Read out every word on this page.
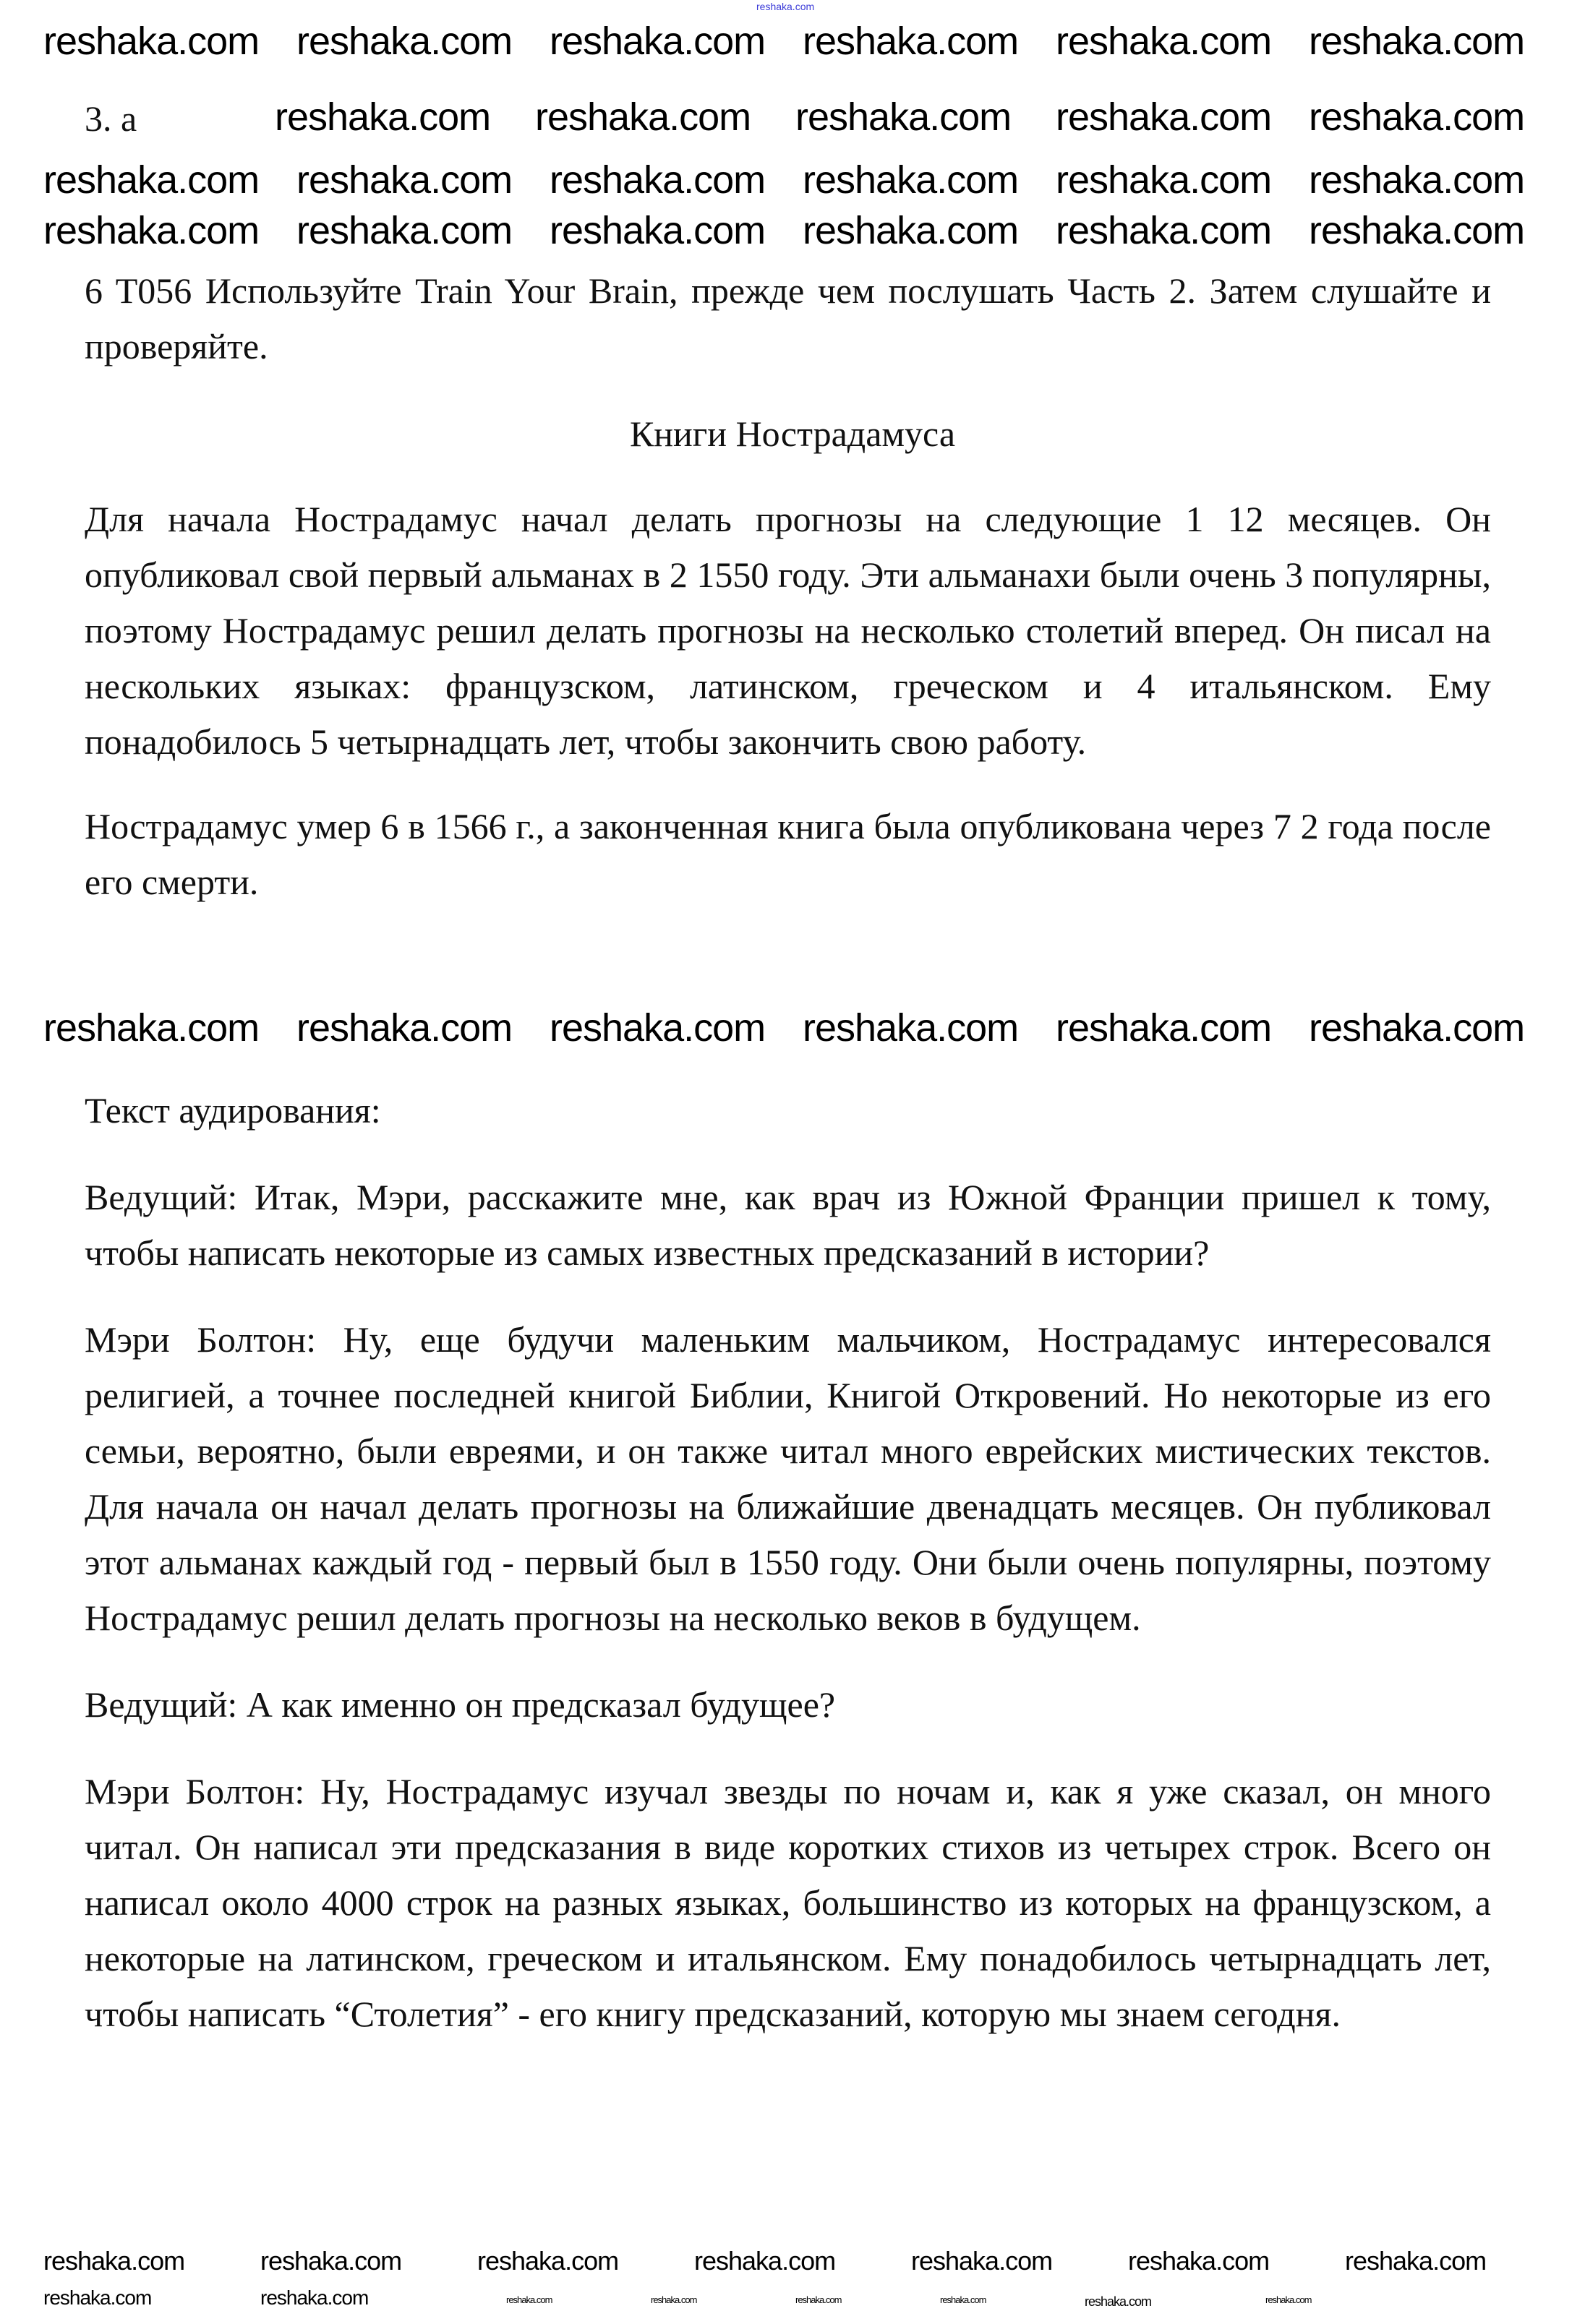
reshaka.com
3. а

6 T056 Используйте Train Your Brain, прежде чем послушать Часть 2. Затем слушайте и проверяйте.

Книги Нострадамуса

Для начала Нострадамус начал делать прогнозы на следующие 1 12 месяцев. Он опубликовал свой первый альманах в 2 1550 году. Эти альманахи были очень 3 популярны, поэтому Нострадамус решил делать прогнозы на несколько столетий вперед. Он писал на нескольких языках: французском, латинском, греческом и 4 итальянском. Ему понадобилось 5 четырнадцать лет, чтобы закончить свою работу.

Нострадамус умер 6 в 1566 г., а законченная книга была опубликована через 7 2 года после его смерти.

Текст аудирования:

Ведущий: Итак, Мэри, расскажите мне, как врач из Южной Франции пришел к тому, чтобы написать некоторые из самых известных предсказаний в истории?

Мэри Болтон: Ну, еще будучи маленьким мальчиком, Нострадамус интересовался религией, а точнее последней книгой Библии, Книгой Откровений. Но некоторые из его семьи, вероятно, были евреями, и он также читал много еврейских мистических текстов. Для начала он начал делать прогнозы на ближайшие двенадцать месяцев. Он публиковал этот альманах каждый год - первый был в 1550 году. Они были очень популярны, поэтому Нострадамус решил делать прогнозы на несколько веков в будущем.

Ведущий: А как именно он предсказал будущее?

Мэри Болтон: Ну, Нострадамус изучал звезды по ночам и, как я уже сказал, он много читал. Он написал эти предсказания в виде коротких стихов из четырех строк. Всего он написал около 4000 строк на разных языках, большинство из которых на французском, а некоторые на латинском, греческом и итальянском. Ему понадобилось четырнадцать лет, чтобы написать “Столетия” - его книгу предсказаний, которую мы знаем сегодня.

reshaka.com reshaka.com reshaka.com reshaka.com reshaka.com reshaka.com
reshaka.com reshaka.com reshaka.com reshaka.com reshaka.com
reshaka.com reshaka.com reshaka.com reshaka.com reshaka.com reshaka.com
reshaka.com reshaka.com reshaka.com reshaka.com reshaka.com reshaka.com
reshaka.com reshaka.com reshaka.com reshaka.com reshaka.com reshaka.com
reshaka.com	reshaka.com	reshaka.com	reshaka.com	reshaka.com	reshaka.com	reshaka.com
reshaka.com	reshaka.com	reshaka.com	reshaka.com	reshaka.com	reshaka.com	reshaka.com	reshaka.com
